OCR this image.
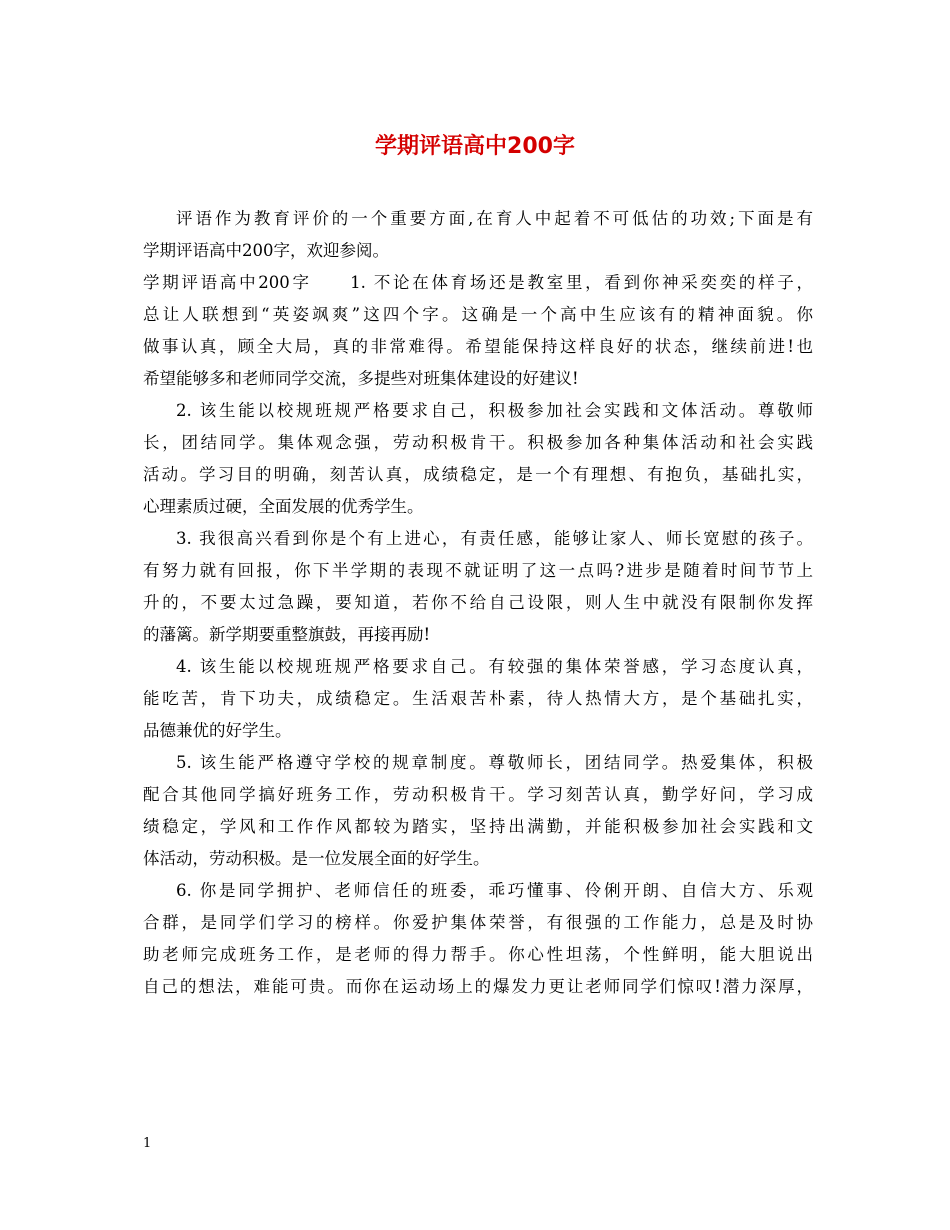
学期评语高中200字
评语作为教育评价的一个重要方面,在育人中起着不可低估的功效;下面是有
学期评语高中200字，欢迎参阅。
学期评语高中200字　　1. 不论在体育场还是教室里，看到你神采奕奕的样子，
总让人联想到“英姿飒爽”这四个字。这确是一个高中生应该有的精神面貌。你
做事认真，顾全大局，真的非常难得。希望能保持这样良好的状态，继续前进!也
希望能够多和老师同学交流，多提些对班集体建设的好建议!
2. 该生能以校规班规严格要求自己，积极参加社会实践和文体活动。尊敬师
长，团结同学。集体观念强，劳动积极肯干。积极参加各种集体活动和社会实践
活动。学习目的明确，刻苦认真，成绩稳定，是一个有理想、有抱负，基础扎实，
心理素质过硬，全面发展的优秀学生。
3. 我很高兴看到你是个有上进心，有责任感，能够让家人、师长宽慰的孩子。
有努力就有回报，你下半学期的表现不就证明了这一点吗?进步是随着时间节节上
升的，不要太过急躁，要知道，若你不给自己设限，则人生中就没有限制你发挥
的藩篱。新学期要重整旗鼓，再接再励!
4. 该生能以校规班规严格要求自己。有较强的集体荣誉感，学习态度认真，
能吃苦，肯下功夫，成绩稳定。生活艰苦朴素，待人热情大方，是个基础扎实，
品德兼优的好学生。
5. 该生能严格遵守学校的规章制度。尊敬师长，团结同学。热爱集体，积极
配合其他同学搞好班务工作，劳动积极肯干。学习刻苦认真，勤学好问，学习成
绩稳定，学风和工作作风都较为踏实，坚持出满勤，并能积极参加社会实践和文
体活动，劳动积极。是一位发展全面的好学生。
6. 你是同学拥护、老师信任的班委，乖巧懂事、伶俐开朗、自信大方、乐观
合群，是同学们学习的榜样。你爱护集体荣誉，有很强的工作能力，总是及时协
助老师完成班务工作，是老师的得力帮手。你心性坦荡，个性鲜明，能大胆说出
自己的想法，难能可贵。而你在运动场上的爆发力更让老师同学们惊叹!潜力深厚，
1
